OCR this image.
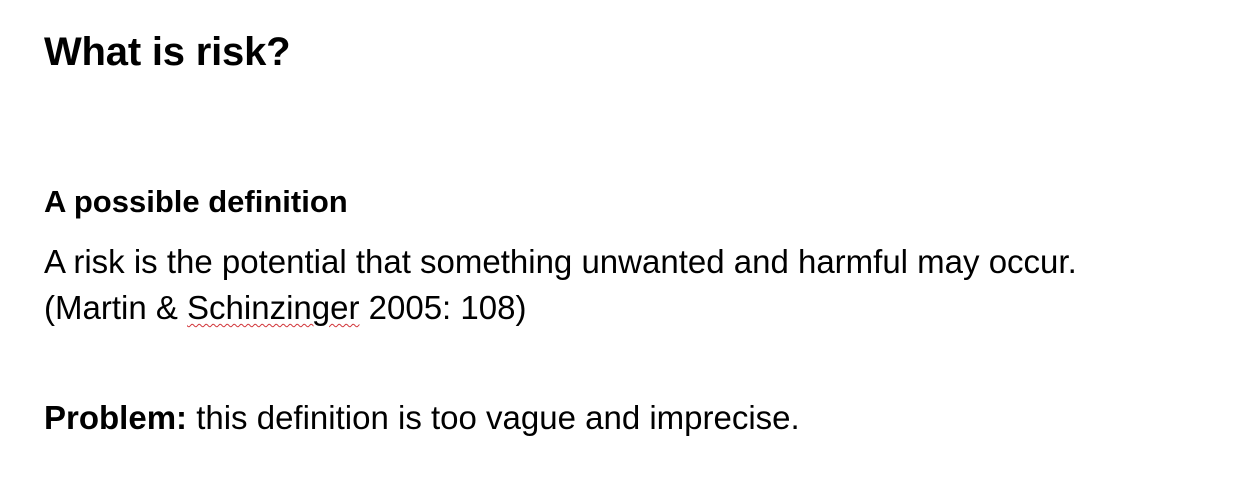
What is risk?
A possible definition

A risk is the potential that something unwanted and harmful may occur.
(Martin & Schinzinger 2005: 108)

Problem: this definition is too vague and imprecise.
